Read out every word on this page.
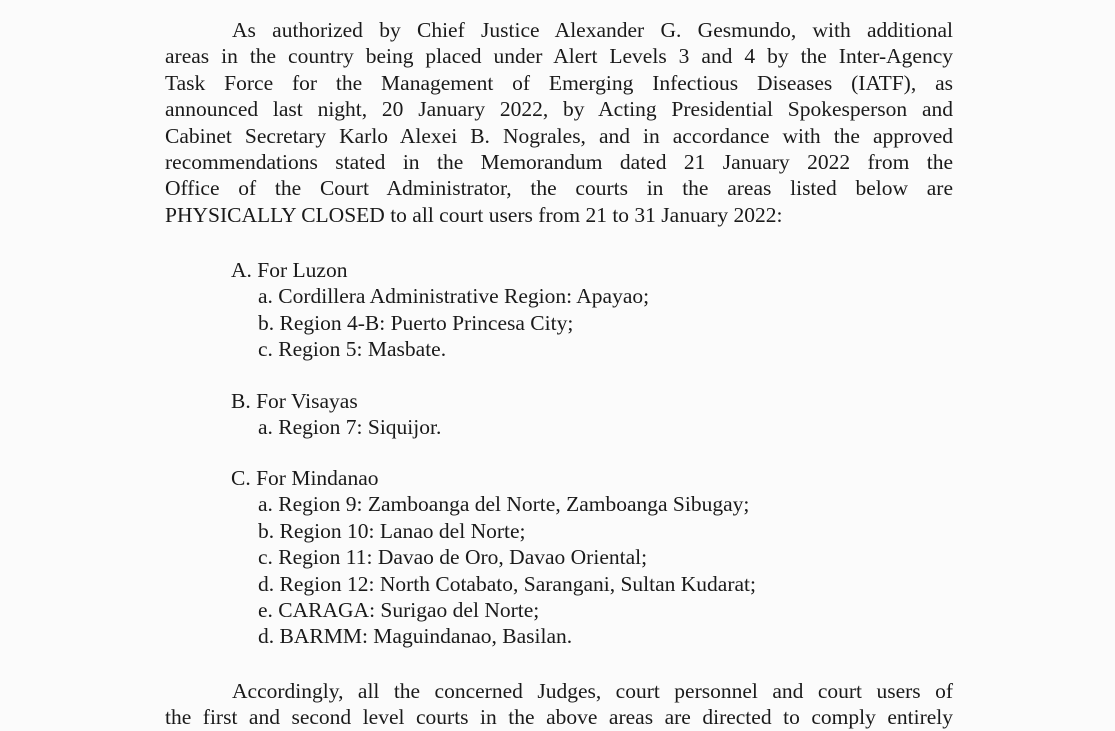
As authorized by Chief Justice Alexander G. Gesmundo, with additional
areas in the country being placed under Alert Levels 3 and 4 by the Inter-Agency
Task Force for the Management of Emerging Infectious Diseases (IATF), as
announced last night, 20 January 2022, by Acting Presidential Spokesperson and
Cabinet Secretary Karlo Alexei B. Nograles, and in accordance with the approved
recommendations stated in the Memorandum dated 21 January 2022 from the
Office of the Court Administrator, the courts in the areas listed below are
PHYSICALLY CLOSED to all court users from 21 to 31 January 2022:
A. For Luzon
a. Cordillera Administrative Region: Apayao;
b. Region 4-B: Puerto Princesa City;
c. Region 5: Masbate.
B. For Visayas
a. Region 7: Siquijor.
C. For Mindanao
a. Region 9: Zamboanga del Norte, Zamboanga Sibugay;
b. Region 10: Lanao del Norte;
c. Region 11: Davao de Oro, Davao Oriental;
d. Region 12: North Cotabato, Sarangani, Sultan Kudarat;
e. CARAGA: Surigao del Norte;
d. BARMM: Maguindanao, Basilan.
Accordingly, all the concerned Judges, court personnel and court users of
the first and second level courts in the above areas are directed to comply entirely
